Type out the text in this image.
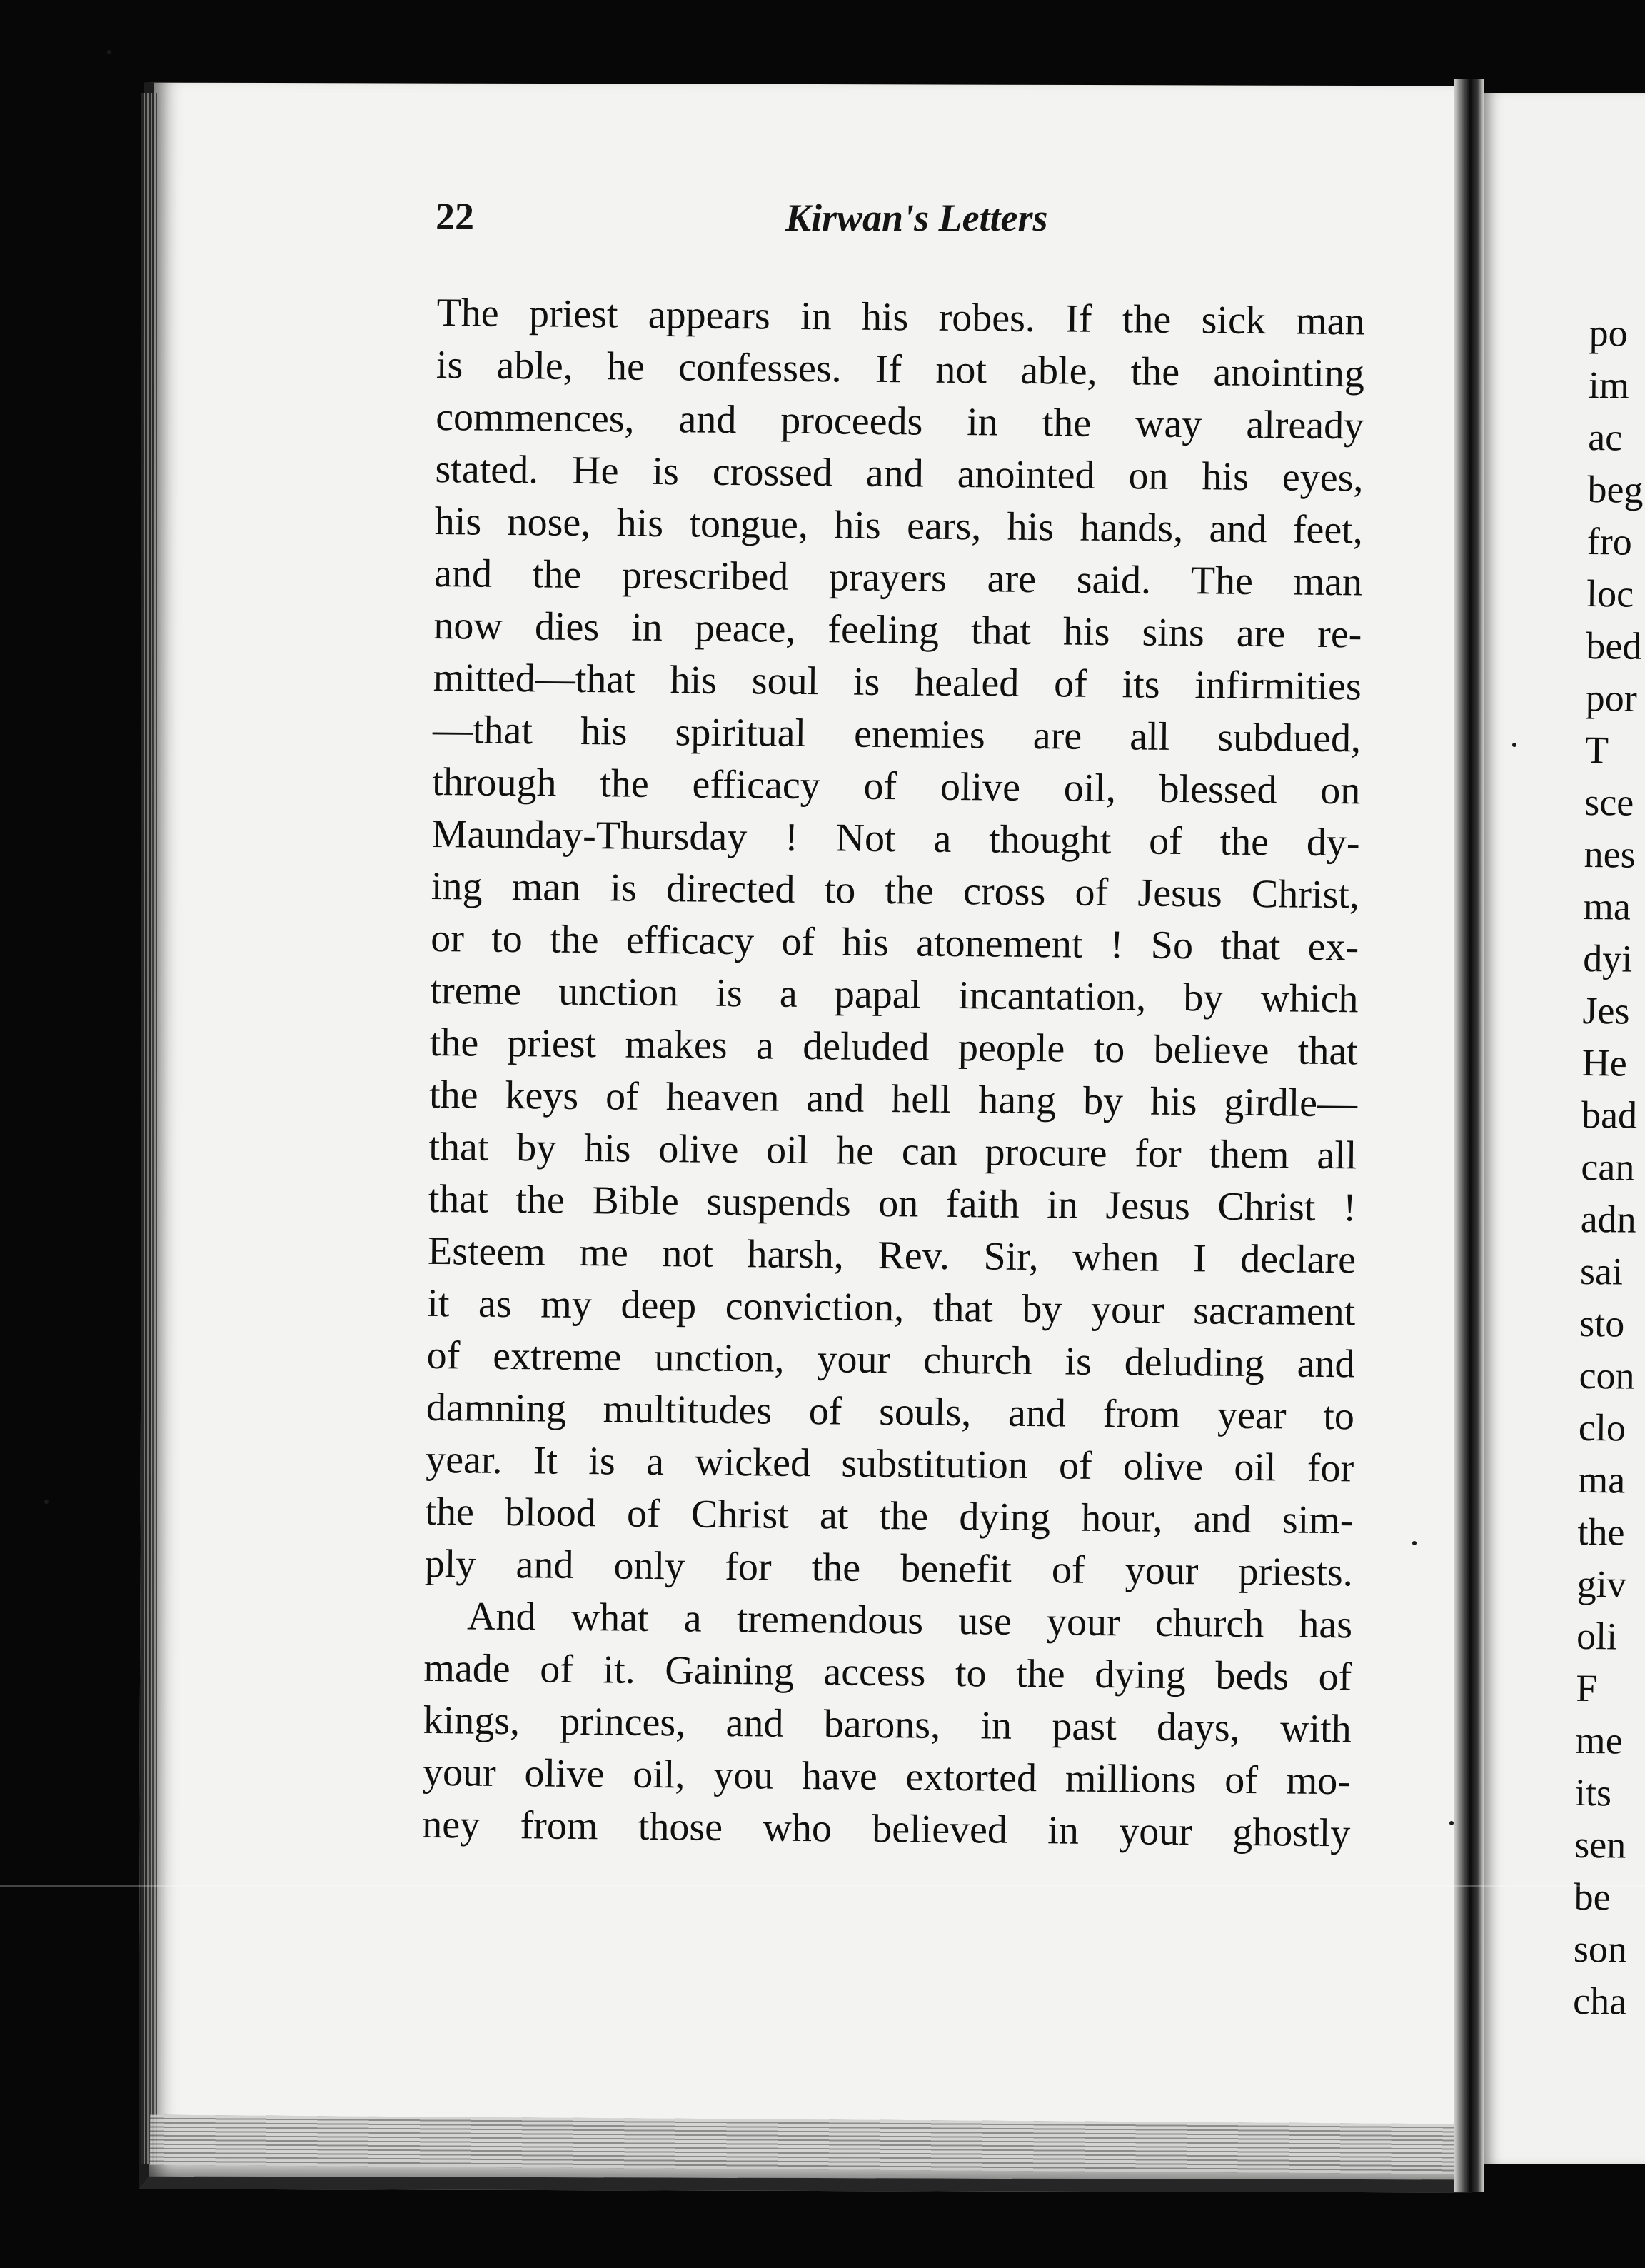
22	Kirwan's Letters

The priest appears in his robes. If the sick man
is able, he confesses. If not able, the anointing
commences, and proceeds in the way already
stated. He is crossed and anointed on his eyes,
his nose, his tongue, his ears, his hands, and feet,
and the prescribed prayers are said. The man
now dies in peace, feeling that his sins are re-
mitted—that his soul is healed of its infirmities
—that his spiritual enemies are all subdued,
through the efficacy of olive oil, blessed on
Maunday-Thursday ! Not a thought of the dy-
ing man is directed to the cross of Jesus Christ,
or to the efficacy of his atonement ! So that ex-
treme unction is a papal incantation, by which
the priest makes a deluded people to believe that
the keys of heaven and hell hang by his girdle—
that by his olive oil he can procure for them all
that the Bible suspends on faith in Jesus Christ !
Esteem me not harsh, Rev. Sir, when I declare
it as my deep conviction, that by your sacrament
of extreme unction, your church is deluding and
damning multitudes of souls, and from year to
year. It is a wicked substitution of olive oil for
the blood of Christ at the dying hour, and sim-
ply and only for the benefit of your priests.

And what a tremendous use your church has
made of it. Gaining access to the dying beds of
kings, princes, and barons, in past days, with
your olive oil, you have extorted millions of mo-
ney from those who believed in your ghostly

po
im
ac
beg
fro
loc
bed
por
T
sce
nes
ma
dyi
Jes
He
bad
can
adn
sai
sto
con
clo
ma
the
giv
oli
F
me
its
sen
be
son
cha
